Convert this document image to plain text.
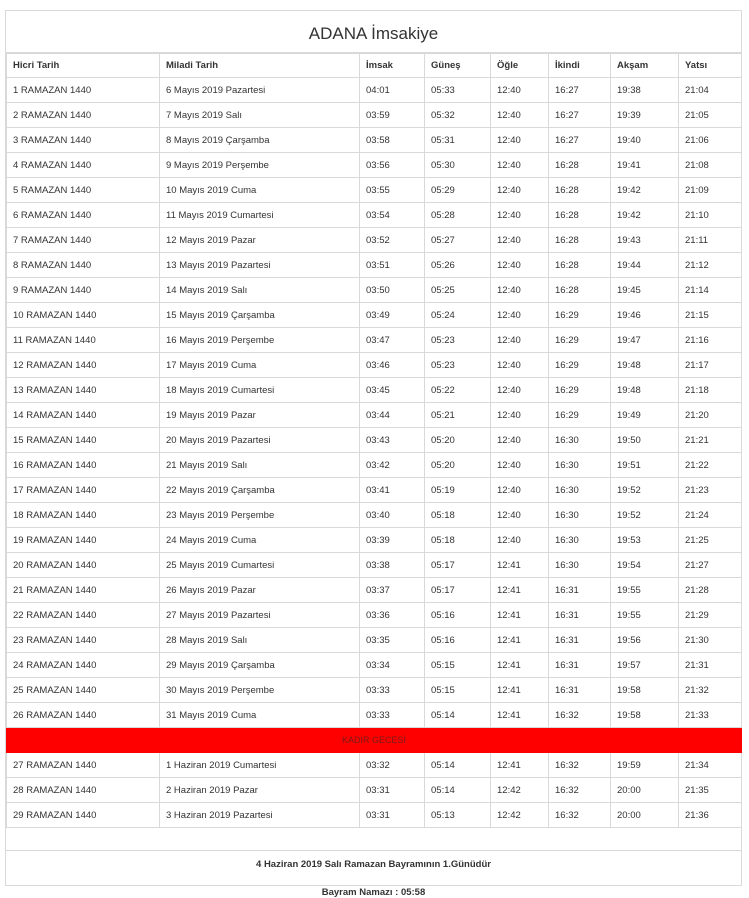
ADANA İmsakiye
Hicri Tarih	Miladi Tarih	İmsak	Güneş	Öğle	İkindi	Akşam	Yatsı
1 RAMAZAN 1440	6 Mayıs 2019 Pazartesi	04:01	05:33	12:40	16:27	19:38	21:04
2 RAMAZAN 1440	7 Mayıs 2019 Salı	03:59	05:32	12:40	16:27	19:39	21:05
3 RAMAZAN 1440	8 Mayıs 2019 Çarşamba	03:58	05:31	12:40	16:27	19:40	21:06
4 RAMAZAN 1440	9 Mayıs 2019 Perşembe	03:56	05:30	12:40	16:28	19:41	21:08
5 RAMAZAN 1440	10 Mayıs 2019 Cuma	03:55	05:29	12:40	16:28	19:42	21:09
6 RAMAZAN 1440	11 Mayıs 2019 Cumartesi	03:54	05:28	12:40	16:28	19:42	21:10
7 RAMAZAN 1440	12 Mayıs 2019 Pazar	03:52	05:27	12:40	16:28	19:43	21:11
8 RAMAZAN 1440	13 Mayıs 2019 Pazartesi	03:51	05:26	12:40	16:28	19:44	21:12
9 RAMAZAN 1440	14 Mayıs 2019 Salı	03:50	05:25	12:40	16:28	19:45	21:14
10 RAMAZAN 1440	15 Mayıs 2019 Çarşamba	03:49	05:24	12:40	16:29	19:46	21:15
11 RAMAZAN 1440	16 Mayıs 2019 Perşembe	03:47	05:23	12:40	16:29	19:47	21:16
12 RAMAZAN 1440	17 Mayıs 2019 Cuma	03:46	05:23	12:40	16:29	19:48	21:17
13 RAMAZAN 1440	18 Mayıs 2019 Cumartesi	03:45	05:22	12:40	16:29	19:48	21:18
14 RAMAZAN 1440	19 Mayıs 2019 Pazar	03:44	05:21	12:40	16:29	19:49	21:20
15 RAMAZAN 1440	20 Mayıs 2019 Pazartesi	03:43	05:20	12:40	16:30	19:50	21:21
16 RAMAZAN 1440	21 Mayıs 2019 Salı	03:42	05:20	12:40	16:30	19:51	21:22
17 RAMAZAN 1440	22 Mayıs 2019 Çarşamba	03:41	05:19	12:40	16:30	19:52	21:23
18 RAMAZAN 1440	23 Mayıs 2019 Perşembe	03:40	05:18	12:40	16:30	19:52	21:24
19 RAMAZAN 1440	24 Mayıs 2019 Cuma	03:39	05:18	12:40	16:30	19:53	21:25
20 RAMAZAN 1440	25 Mayıs 2019 Cumartesi	03:38	05:17	12:41	16:30	19:54	21:27
21 RAMAZAN 1440	26 Mayıs 2019 Pazar	03:37	05:17	12:41	16:31	19:55	21:28
22 RAMAZAN 1440	27 Mayıs 2019 Pazartesi	03:36	05:16	12:41	16:31	19:55	21:29
23 RAMAZAN 1440	28 Mayıs 2019 Salı	03:35	05:16	12:41	16:31	19:56	21:30
24 RAMAZAN 1440	29 Mayıs 2019 Çarşamba	03:34	05:15	12:41	16:31	19:57	21:31
25 RAMAZAN 1440	30 Mayıs 2019 Perşembe	03:33	05:15	12:41	16:31	19:58	21:32
26 RAMAZAN 1440	31 Mayıs 2019 Cuma	03:33	05:14	12:41	16:32	19:58	21:33
KADİR GECESİ							
27 RAMAZAN 1440	1 Haziran 2019 Cumartesi	03:32	05:14	12:41	16:32	19:59	21:34
28 RAMAZAN 1440	2 Haziran 2019 Pazar	03:31	05:14	12:42	16:32	20:00	21:35
29 RAMAZAN 1440	3 Haziran 2019 Pazartesi	03:31	05:13	12:42	16:32	20:00	21:36
4 Haziran 2019 Salı Ramazan Bayramının 1.Günüdür
Bayram Namazı : 05:58
